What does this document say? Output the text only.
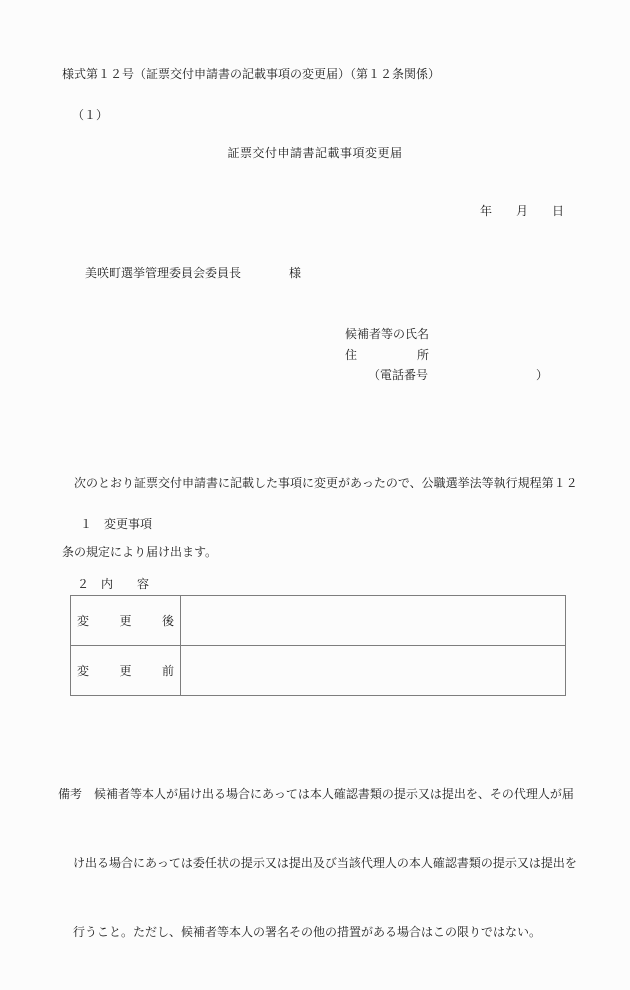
様式第１２号（証票交付申請書の記載事項の変更届）（第１２条関係）
（１）
証票交付申請書記載事項変更届
年　　月　　日
美咲町選挙管理委員会委員長　　　　様
候補者等の氏名
住　　　　　所
（電話番号　　　　　　　　　）

　次のとおり証票交付申請書に記載した事項に変更があったので、公職選挙法等執行規程第１２

条の規定により届け出ます。

１　変更事項
２　内　　容
変　更　後
変　更　前

備考　候補者等本人が届け出る場合にあっては本人確認書類の提示又は提出を、その代理人が届

け出る場合にあっては委任状の提示又は提出及び当該代理人の本人確認書類の提示又は提出を

行うこと。ただし、候補者等本人の署名その他の措置がある場合はこの限りではない。
